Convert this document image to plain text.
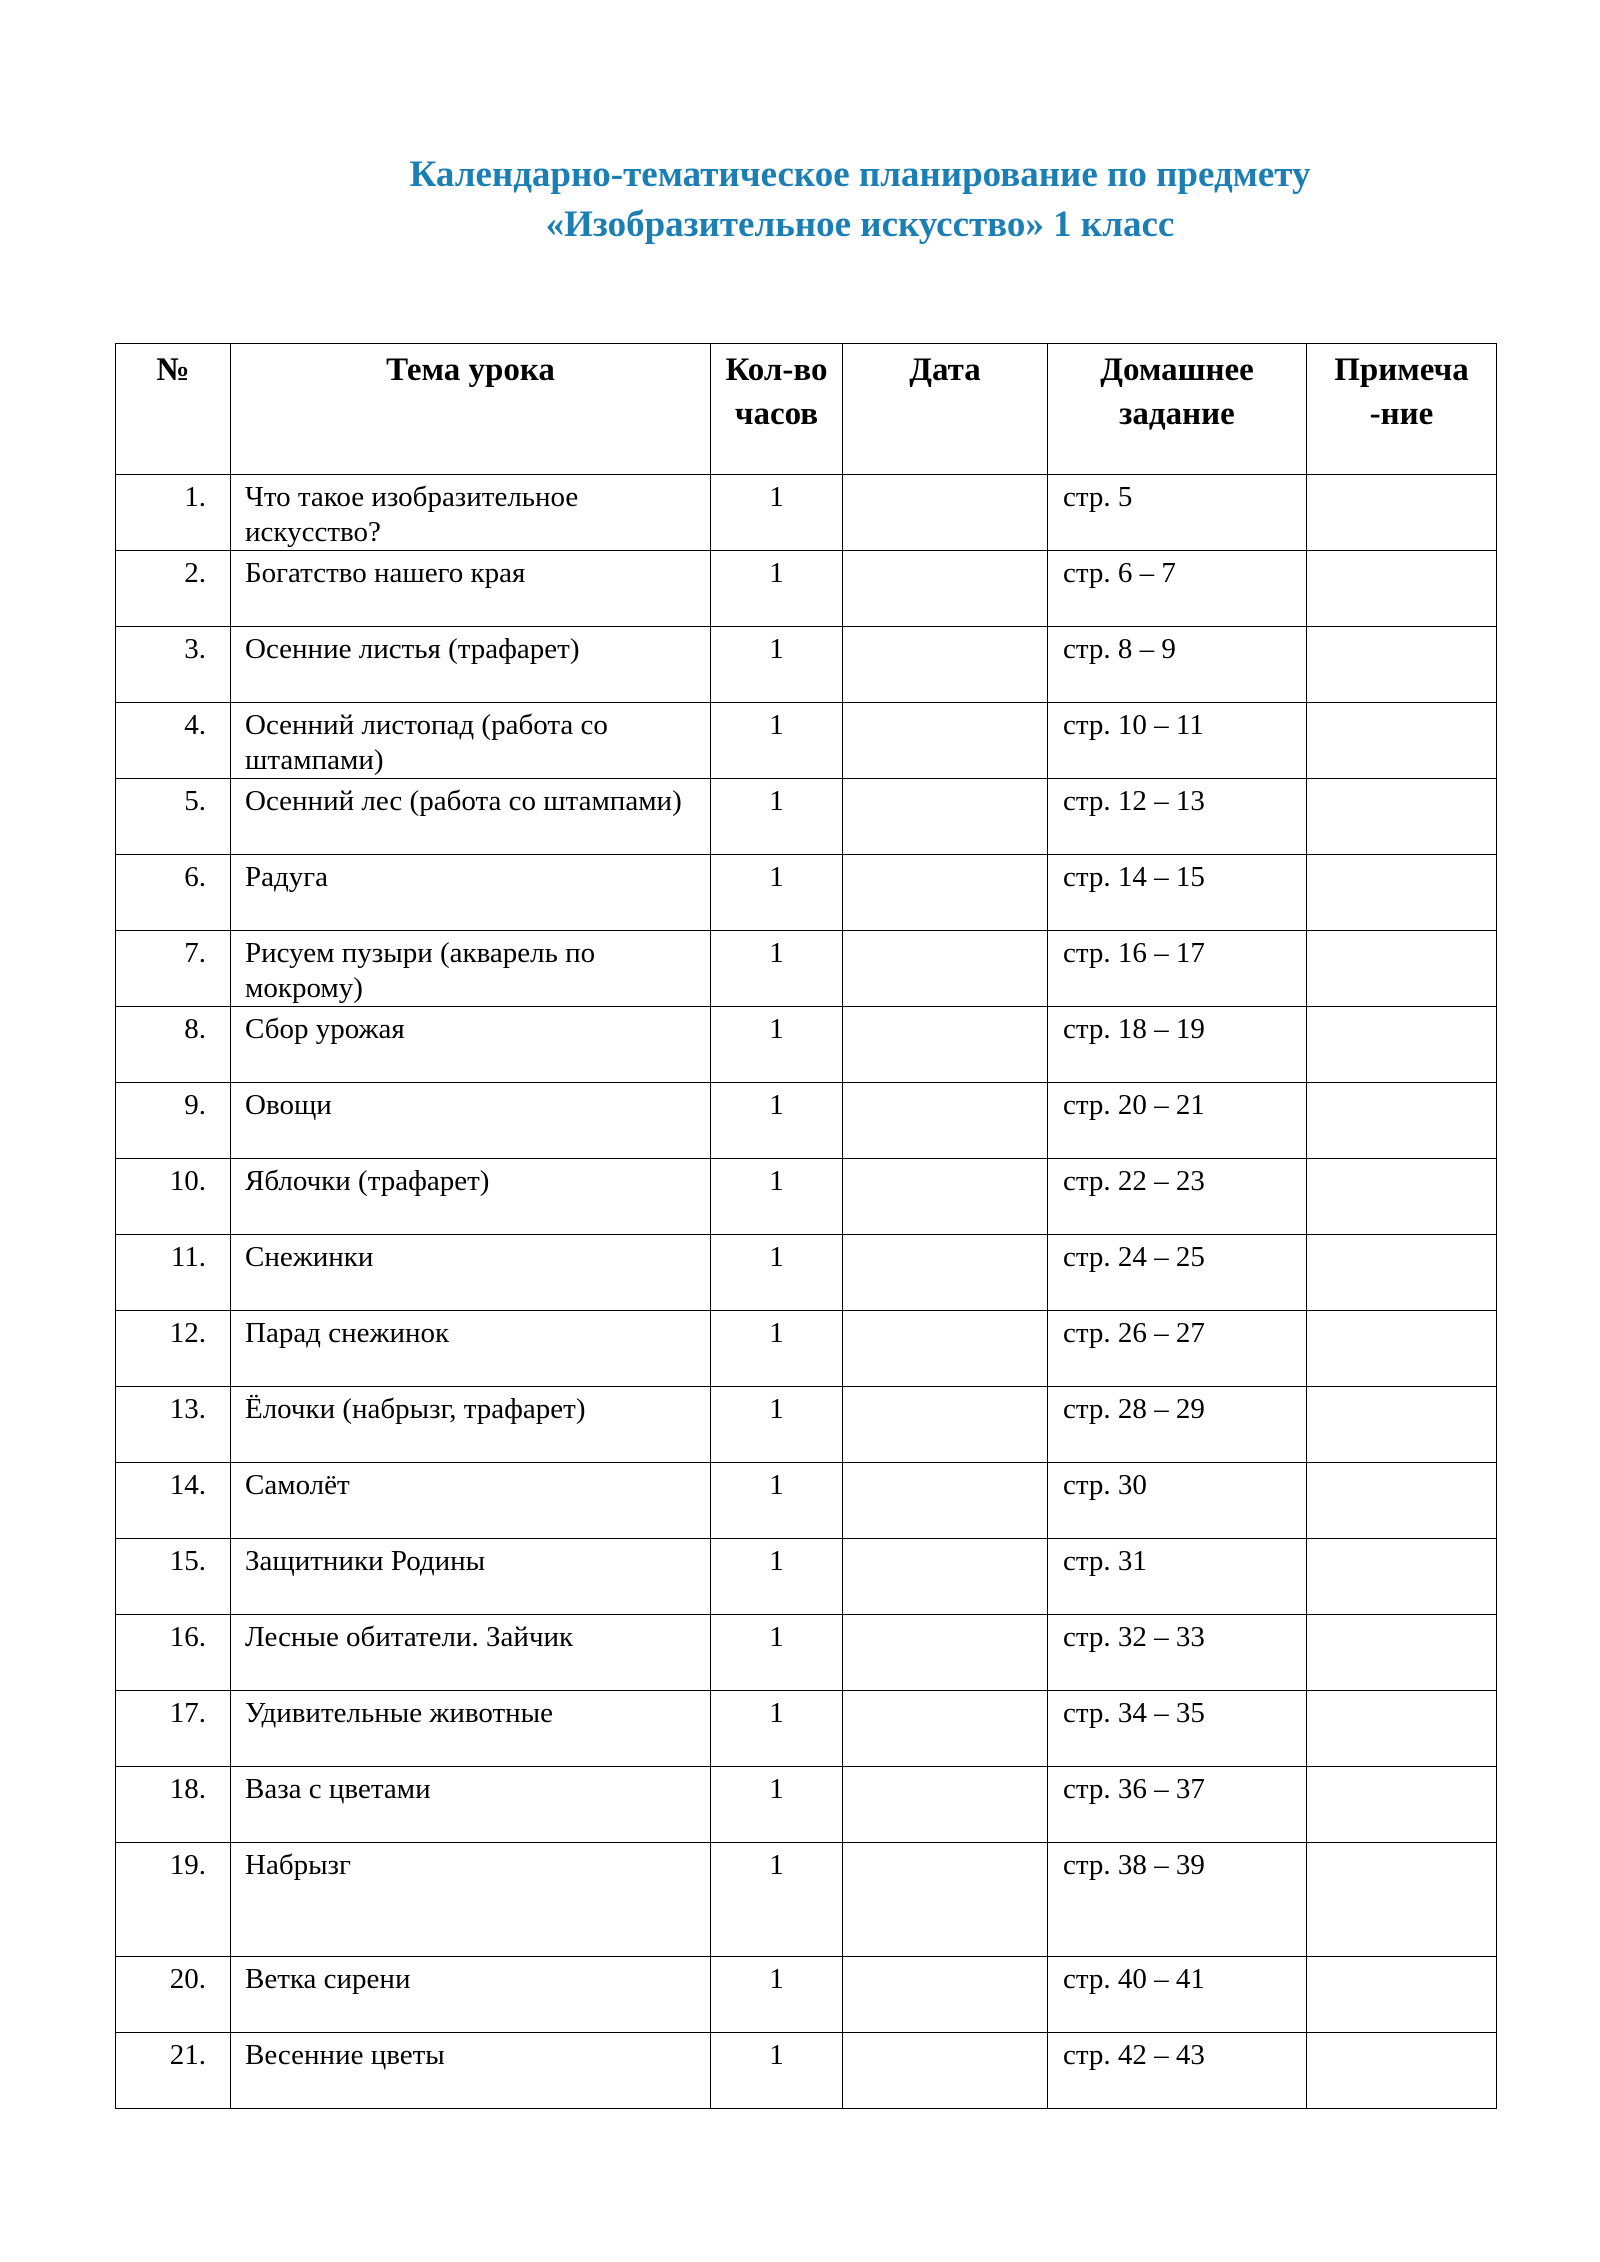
Календарно-тематическое планирование по предмету
«Изобразительное искусство» 1 класс
№	Тема урока	Кол-во часов	Дата	Домашнее задание	Примеча -ние
1.	Что такое изобразительное искусство?	1		стр. 5	
2.	Богатство нашего края	1		стр. 6 – 7	
3.	Осенние листья (трафарет)	1		стр. 8 – 9	
4.	Осенний листопад (работа со штампами)	1		стр. 10 – 11	
5.	Осенний лес (работа со штампами)	1		стр. 12 – 13	
6.	Радуга	1		стр. 14 – 15	
7.	Рисуем пузыри (акварель по мокрому)	1		стр. 16 – 17	
8.	Сбор урожая	1		стр. 18 – 19	
9.	Овощи	1		стр. 20 – 21	
10.	Яблочки (трафарет)	1		стр. 22 – 23	
11.	Снежинки	1		стр. 24 – 25	
12.	Парад снежинок	1		стр. 26 – 27	
13.	Ёлочки (набрызг, трафарет)	1		стр. 28 – 29	
14.	Самолёт	1		стр. 30	
15.	Защитники Родины	1		стр. 31	
16.	Лесные обитатели. Зайчик	1		стр. 32 – 33	
17.	Удивительные животные	1		стр. 34 – 35	
18.	Ваза с цветами	1		стр. 36 – 37	
19.	Набрызг	1		стр. 38 – 39	
20.	Ветка сирени	1		стр. 40 – 41	
21.	Весенние цветы	1		стр. 42 – 43	
